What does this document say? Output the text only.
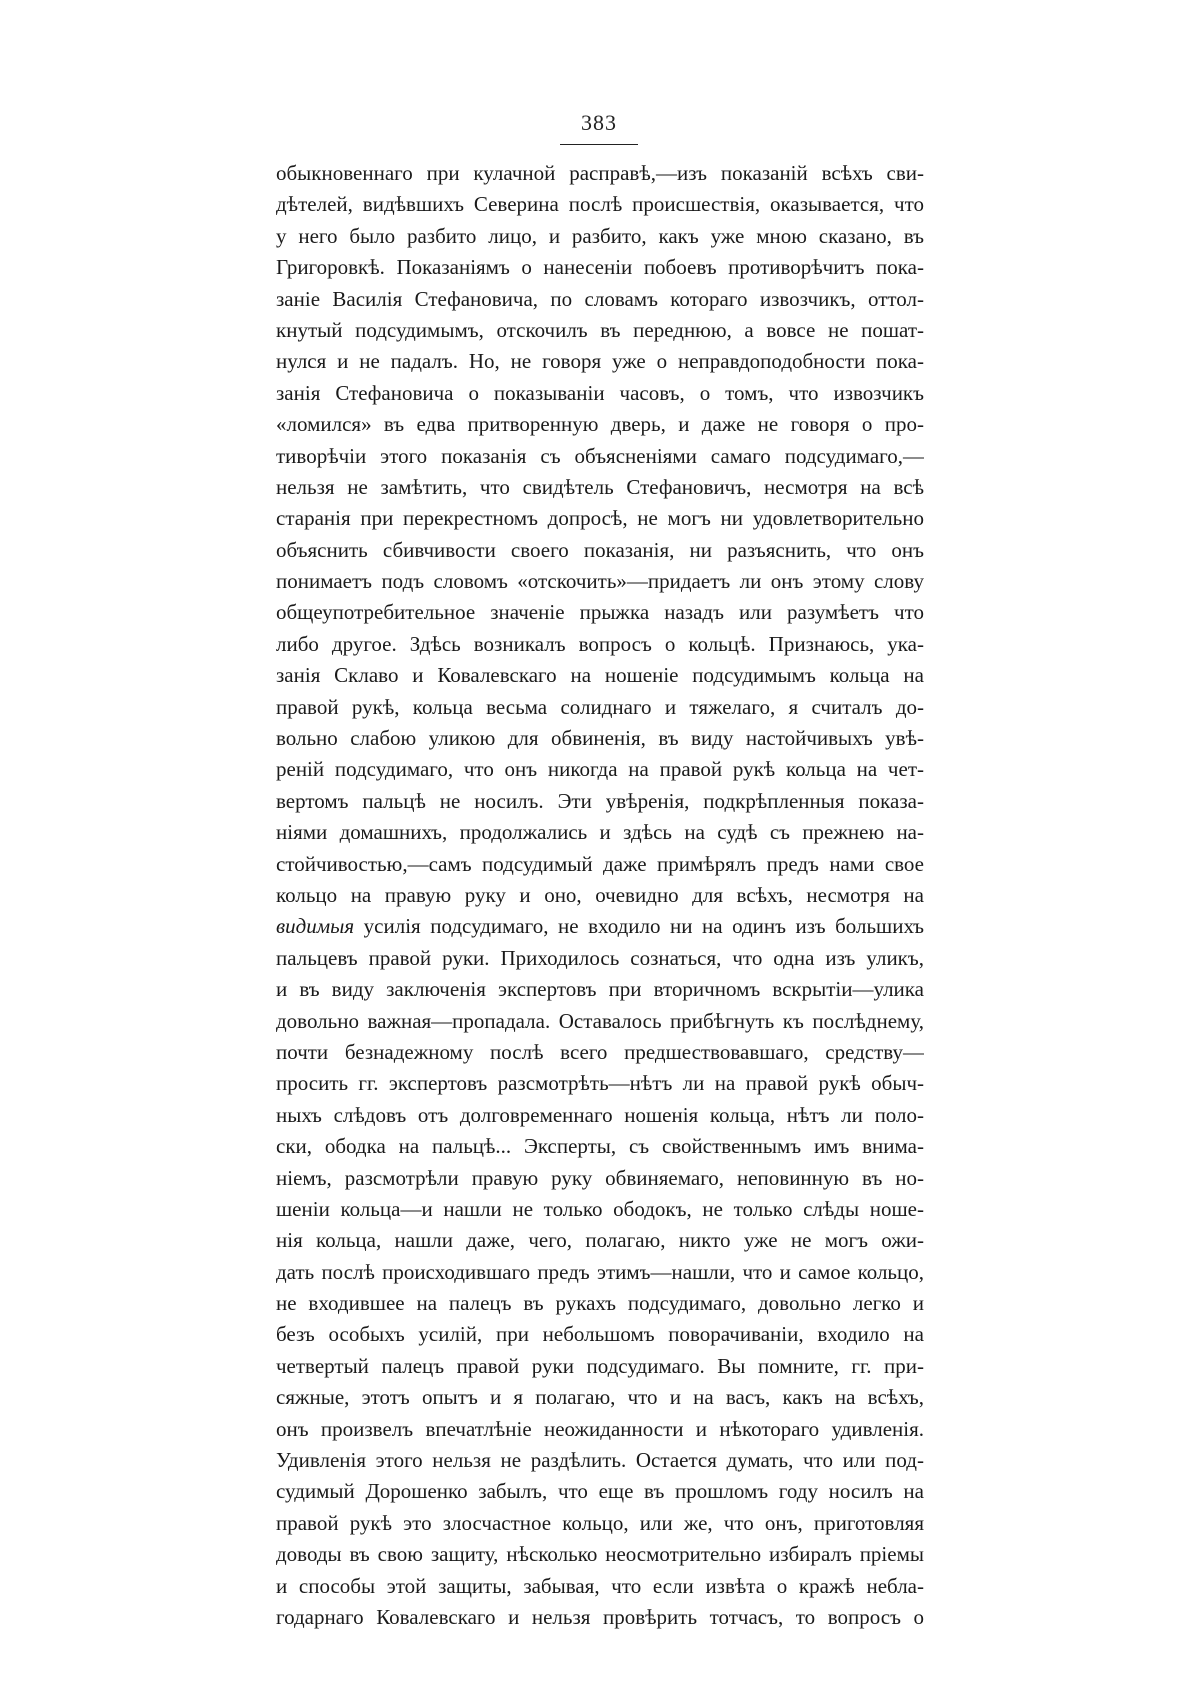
383
обыкновеннаго при кулачной расправѣ,—изъ показаній всѣхъ сви-
дѣтелей, видѣвшихъ Северина послѣ происшествія, оказывается, что
у него было разбито лицо, и разбито, какъ уже мною сказано, въ
Григоровкѣ. Показаніямъ о нанесеніи побоевъ противорѣчитъ пока-
заніе Василія Стефановича, по словамъ котораго извозчикъ, оттол-
кнутый подсудимымъ, отскочилъ въ переднюю, а вовсе не пошат-
нулся и не падалъ. Но, не говоря уже о неправдоподобности пока-
занія Стефановича о показываніи часовъ, о томъ, что извозчикъ
«ломился» въ едва притворенную дверь, и даже не говоря о про-
тиворѣчіи этого показанія съ объясненіями самаго подсудимаго,—
нельзя не замѣтить, что свидѣтель Стефановичъ, несмотря на всѣ
старанія при перекрестномъ допросѣ, не могъ ни удовлетворительно
объяснить сбивчивости своего показанія, ни разъяснить, что онъ
понимаетъ подъ словомъ «отскочить»—придаетъ ли онъ этому слову
общеупотребительное значеніе прыжка назадъ или разумѣетъ что
либо другое. Здѣсь возникалъ вопросъ о кольцѣ. Признаюсь, ука-
занія Склаво и Ковалевскаго на ношеніе подсудимымъ кольца на
правой рукѣ, кольца весьма солиднаго и тяжелаго, я считалъ до-
вольно слабою уликою для обвиненія, въ виду настойчивыхъ увѣ-
реній подсудимаго, что онъ никогда на правой рукѣ кольца на чет-
вертомъ пальцѣ не носилъ. Эти увѣренія, подкрѣпленныя показа-
ніями домашнихъ, продолжались и здѣсь на судѣ съ прежнею на-
стойчивостью,—самъ подсудимый даже примѣрялъ предъ нами свое
кольцо на правую руку и оно, очевидно для всѣхъ, несмотря на
видимыя усилія подсудимаго, не входило ни на одинъ изъ большихъ
пальцевъ правой руки. Приходилось сознаться, что одна изъ уликъ,
и въ виду заключенія экспертовъ при вторичномъ вскрытіи—улика
довольно важная—пропадала. Оставалось прибѣгнуть къ послѣднему,
почти безнадежному послѣ всего предшествовавшаго, средству—
просить гг. экспертовъ разсмотрѣть—нѣтъ ли на правой рукѣ обыч-
ныхъ слѣдовъ отъ долговременнаго ношенія кольца, нѣтъ ли поло-
ски, ободка на пальцѣ... Эксперты, съ свойственнымъ имъ внима-
ніемъ, разсмотрѣли правую руку обвиняемаго, неповинную въ но-
шеніи кольца—и нашли не только ободокъ, не только слѣды ноше-
нія кольца, нашли даже, чего, полагаю, никто уже не могъ ожи-
дать послѣ происходившаго предъ этимъ—нашли, что и самое кольцо,
не входившее на палецъ въ рукахъ подсудимаго, довольно легко и
безъ особыхъ усилій, при небольшомъ поворачиваніи, входило на
четвертый палецъ правой руки подсудимаго. Вы помните, гг. при-
сяжные, этотъ опытъ и я полагаю, что и на васъ, какъ на всѣхъ,
онъ произвелъ впечатлѣніе неожиданности и нѣкотораго удивленія.
Удивленія этого нельзя не раздѣлить. Остается думать, что или под-
судимый Дорошенко забылъ, что еще въ прошломъ году носилъ на
правой рукѣ это злосчастное кольцо, или же, что онъ, приготовляя
доводы въ свою защиту, нѣсколько неосмотрительно избиралъ пріемы
и способы этой защиты, забывая, что если извѣта о кражѣ небла-
годарнаго Ковалевскаго и нельзя провѣрить тотчасъ, то вопросъ о
